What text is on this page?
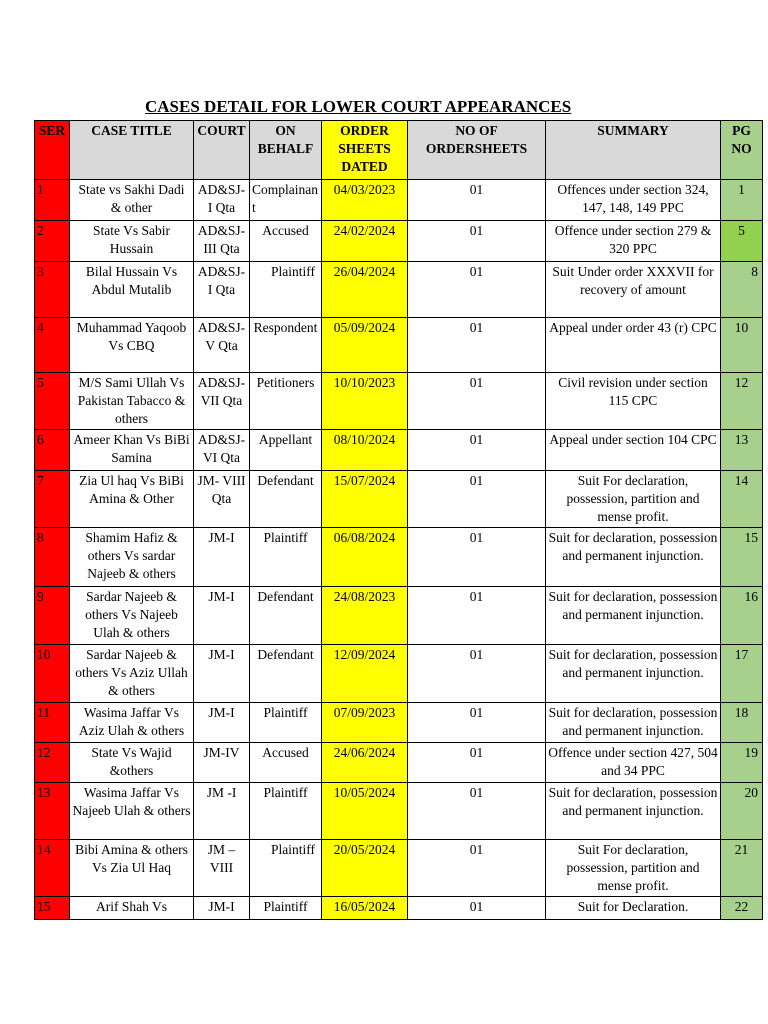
CASES DETAIL FOR LOWER COURT APPEARANCES
SER	CASE TITLE	COURT	ON BEHALF	ORDER SHEETS DATED	NO OF ORDERSHEETS	SUMMARY	PG NO
1	State vs Sakhi Dadi & other	AD&SJ-I Qta	Complainant	04/03/2023	01	Offences under section 324, 147, 148, 149 PPC	1
2	State Vs Sabir Hussain	AD&SJ-III Qta	Accused	24/02/2024	01	Offence under section 279 & 320 PPC	5
3	Bilal Hussain Vs Abdul Mutalib	AD&SJ-I Qta	Plaintiff	26/04/2024	01	Suit Under order XXXVII for recovery of amount	8
4	Muhammad Yaqoob Vs CBQ	AD&SJ-V Qta	Respondent	05/09/2024	01	Appeal under order 43 (r) CPC	10
5	M/S Sami Ullah Vs Pakistan Tabacco & others	AD&SJ-VII Qta	Petitioners	10/10/2023	01	Civil revision under section 115 CPC	12
6	Ameer Khan Vs BiBi Samina	AD&SJ-VI Qta	Appellant	08/10/2024	01	Appeal under section 104 CPC	13
7	Zia Ul haq Vs BiBi Amina & Other	JM- VIII Qta	Defendant	15/07/2024	01	Suit For declaration, possession, partition and mense profit.	14
8	Shamim Hafiz & others Vs sardar Najeeb & others	JM-I	Plaintiff	06/08/2024	01	Suit for declaration, possession and permanent injunction.	15
9	Sardar Najeeb & others Vs Najeeb Ulah & others	JM-I	Defendant	24/08/2023	01	Suit for declaration, possession and permanent injunction.	16
10	Sardar Najeeb & others Vs Aziz Ullah & others	JM-I	Defendant	12/09/2024	01	Suit for declaration, possession and permanent injunction.	17
11	Wasima Jaffar Vs Aziz Ulah & others	JM-I	Plaintiff	07/09/2023	01	Suit for declaration, possession and permanent injunction.	18
12	State Vs Wajid &others	JM-IV	Accused	24/06/2024	01	Offence under section 427, 504 and 34 PPC	19
13	Wasima Jaffar Vs Najeeb Ulah & others	JM -I	Plaintiff	10/05/2024	01	Suit for declaration, possession and permanent injunction.	20
14	Bibi Amina & others Vs Zia Ul Haq	JM – VIII	Plaintiff	20/05/2024	01	Suit For declaration, possession, partition and mense profit.	21
15	Arif Shah Vs	JM-I	Plaintiff	16/05/2024	01	Suit for Declaration.	22
